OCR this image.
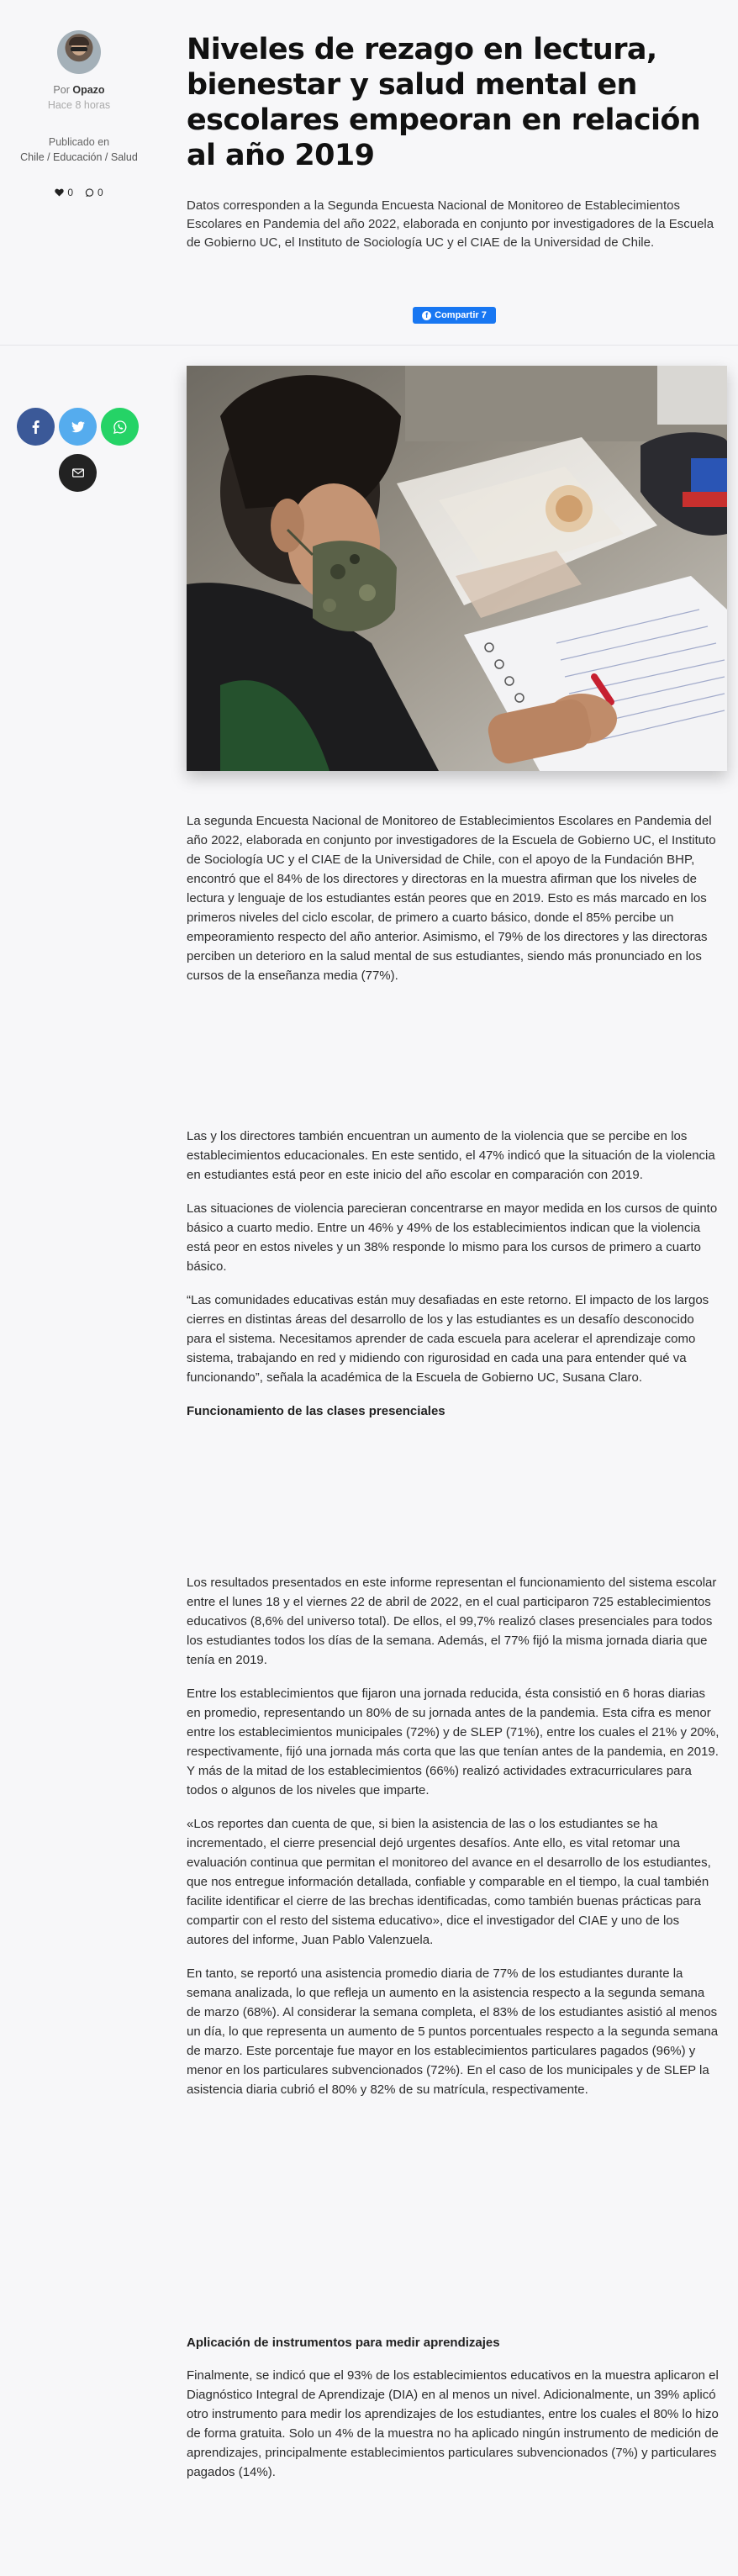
Por Opazo
Hace 8 horas
Publicado en
Chile / Educación / Salud
0 0
Niveles de rezago en lectura, bienestar y salud mental en escolares empeoran en relación al año 2019

Datos corresponden a la Segunda Encuesta Nacional de Monitoreo de Establecimientos Escolares en Pandemia del año 2022, elaborada en conjunto por investigadores de la Escuela de Gobierno UC, el Instituto de Sociología UC y el CIAE de la Universidad de Chile.

f Compartir 7

La segunda Encuesta Nacional de Monitoreo de Establecimientos Escolares en Pandemia del año 2022, elaborada en conjunto por investigadores de la Escuela de Gobierno UC, el Instituto de Sociología UC y el CIAE de la Universidad de Chile, con el apoyo de la Fundación BHP, encontró que el 84% de los directores y directoras en la muestra afirman que los niveles de lectura y lenguaje de los estudiantes están peores que en 2019. Esto es más marcado en los primeros niveles del ciclo escolar, de primero a cuarto básico, donde el 85% percibe un empeoramiento respecto del año anterior. Asimismo, el 79% de los directores y las directoras perciben un deterioro en la salud mental de sus estudiantes, siendo más pronunciado en los cursos de la enseñanza media (77%).

Las y los directores también encuentran un aumento de la violencia que se percibe en los establecimientos educacionales. En este sentido, el 47% indicó que la situación de la violencia en estudiantes está peor en este inicio del año escolar en comparación con 2019.

Las situaciones de violencia parecieran concentrarse en mayor medida en los cursos de quinto básico a cuarto medio. Entre un 46% y 49% de los establecimientos indican que la violencia está peor en estos niveles y un 38% responde lo mismo para los cursos de primero a cuarto básico.

“Las comunidades educativas están muy desafiadas en este retorno. El impacto de los largos cierres en distintas áreas del desarrollo de los y las estudiantes es un desafío desconocido para el sistema. Necesitamos aprender de cada escuela para acelerar el aprendizaje como sistema, trabajando en red y midiendo con rigurosidad en cada una para entender qué va funcionando”, señala la académica de la Escuela de Gobierno UC, Susana Claro.

Funcionamiento de las clases presenciales

Los resultados presentados en este informe representan el funcionamiento del sistema escolar entre el lunes 18 y el viernes 22 de abril de 2022, en el cual participaron 725 establecimientos educativos (8,6% del universo total). De ellos, el 99,7% realizó clases presenciales para todos los estudiantes todos los días de la semana. Además, el 77% fijó la misma jornada diaria que tenía en 2019.

Entre los establecimientos que fijaron una jornada reducida, ésta consistió en 6 horas diarias en promedio, representando un 80% de su jornada antes de la pandemia. Esta cifra es menor entre los establecimientos municipales (72%) y de SLEP (71%), entre los cuales el 21% y 20%, respectivamente, fijó una jornada más corta que las que tenían antes de la pandemia, en 2019. Y más de la mitad de los establecimientos (66%) realizó actividades extracurriculares para todos o algunos de los niveles que imparte.

«Los reportes dan cuenta de que, si bien la asistencia de las o los estudiantes se ha incrementado, el cierre presencial dejó urgentes desafíos. Ante ello, es vital retomar una evaluación continua que permitan el monitoreo del avance en el desarrollo de los estudiantes, que nos entregue información detallada, confiable y comparable en el tiempo, la cual también facilite identificar el cierre de las brechas identificadas, como también buenas prácticas para compartir con el resto del sistema educativo», dice el investigador del CIAE y uno de los autores del informe, Juan Pablo Valenzuela.

En tanto, se reportó una asistencia promedio diaria de 77% de los estudiantes durante la semana analizada, lo que refleja un aumento en la asistencia respecto a la segunda semana de marzo (68%). Al considerar la semana completa, el 83% de los estudiantes asistió al menos un día, lo que representa un aumento de 5 puntos porcentuales respecto a la segunda semana de marzo. Este porcentaje fue mayor en los establecimientos particulares pagados (96%) y menor en los particulares subvencionados (72%). En el caso de los municipales y de SLEP la asistencia diaria cubrió el 80% y 82% de su matrícula, respectivamente.

Aplicación de instrumentos para medir aprendizajes

Finalmente, se indicó que el 93% de los establecimientos educativos en la muestra aplicaron el Diagnóstico Integral de Aprendizaje (DIA) en al menos un nivel. Adicionalmente, un 39% aplicó otro instrumento para medir los aprendizajes de los estudiantes, entre los cuales el 80% lo hizo de forma gratuita. Solo un 4% de la muestra no ha aplicado ningún instrumento de medición de aprendizajes, principalmente establecimientos particulares subvencionados (7%) y particulares pagados (14%).
